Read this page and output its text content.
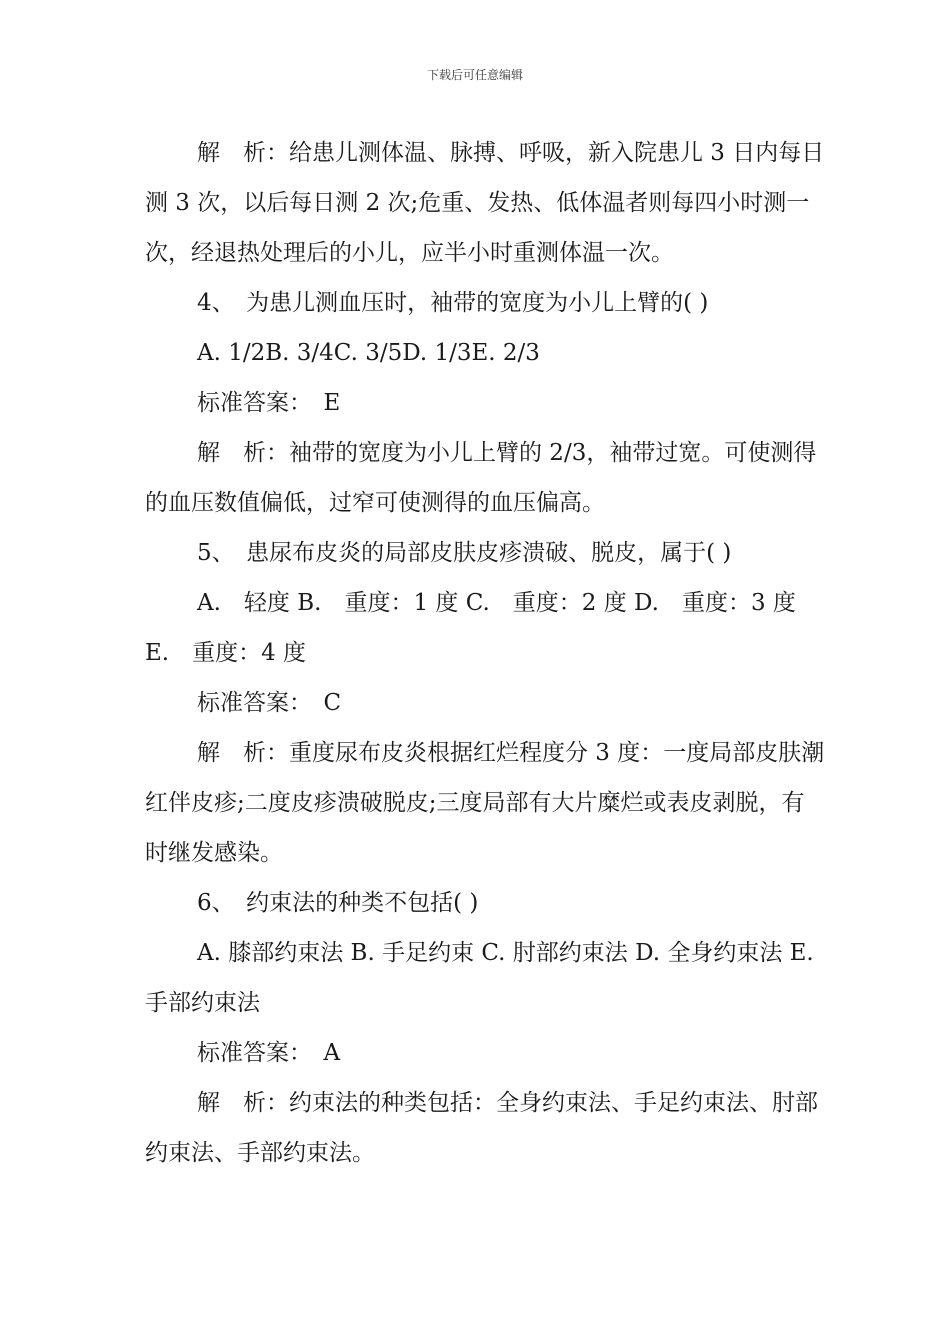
下载后可任意编辑

解　析：给患儿测体温、脉搏、呼吸，新入院患儿 3 日内每日测 3 次，以后每日测 2 次;危重、发热、低体温者则每四小时测一次，经退热处理后的小儿，应半小时重测体温一次。

4、　为患儿测血压时，袖带的宽度为小儿上臂的( )

A. 1/2B. 3/4C. 3/5D. 1/3E. 2/3

标准答案：　E

解　析：袖带的宽度为小儿上臂的 2/3，袖带过宽。可使测得的血压数值偏低，过窄可使测得的血压偏高。

5、　患尿布皮炎的局部皮肤皮疹溃破、脱皮，属于( )

A.　轻度 B.　重度：1 度 C.　重度：2 度 D.　重度：3 度 E.　重度：4 度

标准答案：　C

解　析：重度尿布皮炎根据红烂程度分 3 度：一度局部皮肤潮红伴皮疹;二度皮疹溃破脱皮;三度局部有大片糜烂或表皮剥脱，有时继发感染。

6、　约束法的种类不包括( )

A. 膝部约束法 B. 手足约束 C. 肘部约束法 D. 全身约束法 E.　手部约束法

标准答案：　A

解　析：约束法的种类包括：全身约束法、手足约束法、肘部约束法、手部约束法。
